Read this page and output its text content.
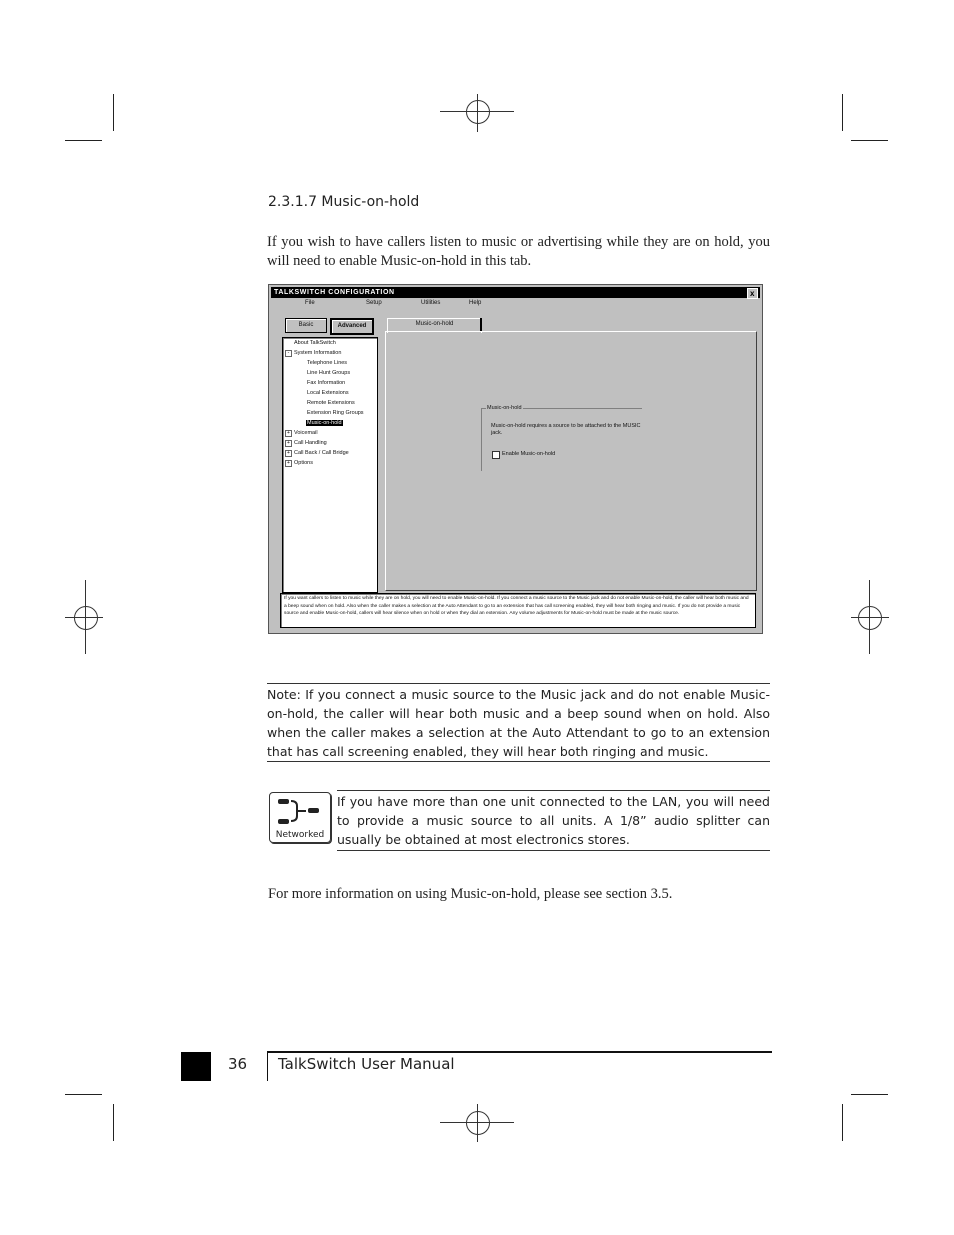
2.3.1.7 Music-on-hold
If you wish to have callers listen to music or advertising while they are on hold, you will need to enable Music-on-hold in this tab.
TALKSWITCH CONFIGURATION	x
File	Setup	Utilities	Help
Basic	Advanced
About TalkSwitch
- System Information
Telephone Lines
Line Hunt Groups
Fax Information
Local Extensions
Remote Extensions
Extension Ring Groups
Music-on-hold
+ Voicemail
+ Call Handling
+ Call Back / Call Bridge
+ Options
Music-on-hold
Music-on-hold
Music-on-hold requires a source to be attached to the MUSIC jack.
Enable Music-on-hold
If you want callers to listen to music while they are on hold, you will need to enable Music-on-hold. If you connect a music source to the Music jack and do not enable Music-on-hold, the caller will hear both music and a beep sound when on hold. Also when the caller makes a selection at the Auto Attendant to go to an extension that has call screening enabled, they will hear both ringing and music. If you do not provide a music source and enable Music-on-hold, callers will hear silence when on hold or when they dial an extension. Any volume adjustments for Music-on-hold must be made at the music source.
Note: If you connect a music source to the Music jack and do not enable Music-on-hold, the caller will hear both music and a beep sound when on hold. Also when the caller makes a selection at the Auto Attendant to go to an extension that has call screening enabled, they will hear both ringing and music.
Networked
If you have more than one unit connected to the LAN, you will need to provide a music source to all units. A 1/8” audio splitter can usually be obtained at most electronics stores.
For more information on using Music-on-hold, please see section 3.5.
36 TalkSwitch User Manual
